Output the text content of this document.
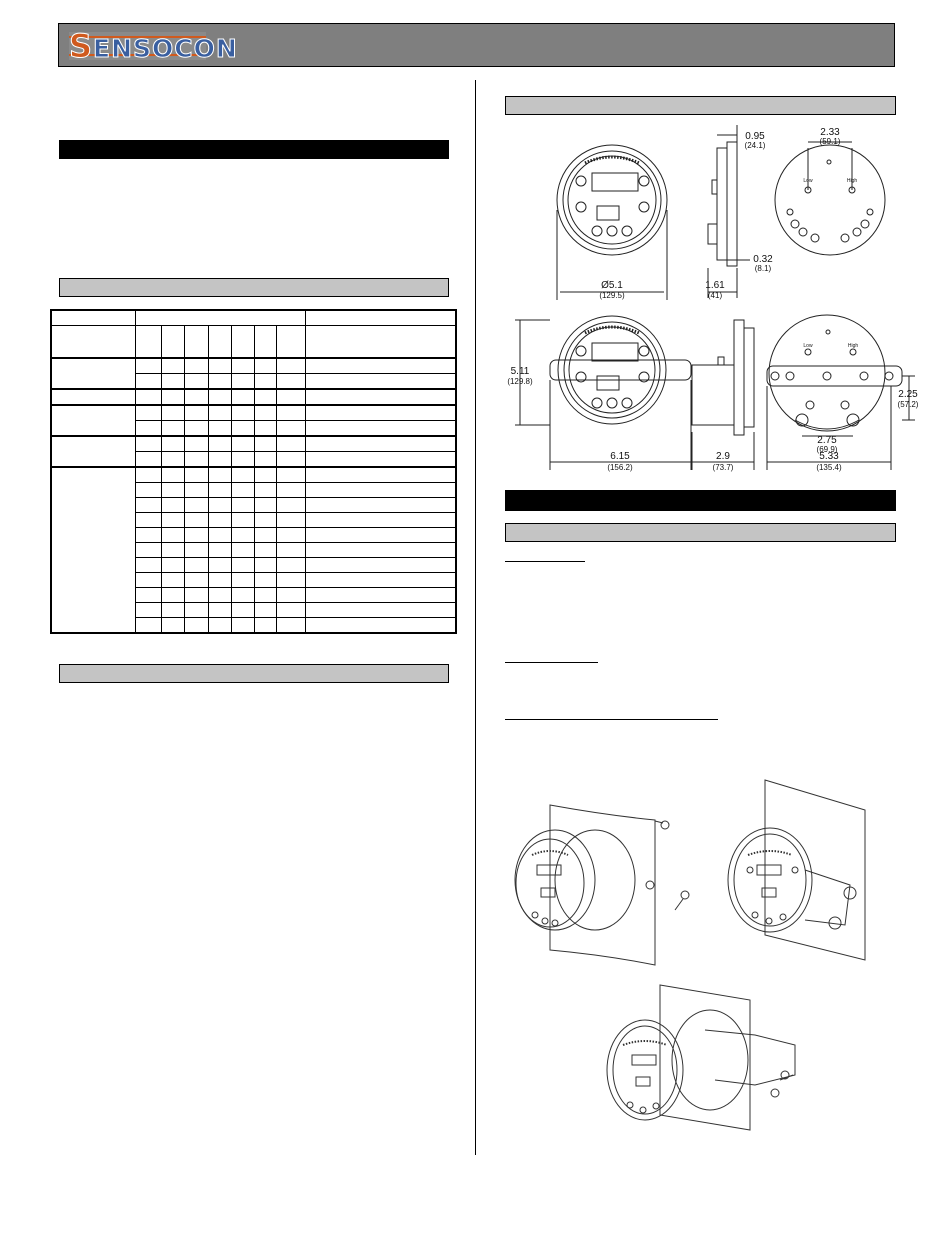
SENSOCON

Ø5.1
(129.5)
0.95
(24.1)
0.32
(8.1)
1.61
(41)
2.33
(59.1)
Low	High
5.11
(129.8)
6.15
(156.2)
2.9
(73.7)
2.25
(57.2)
2.75
(69.9)
5.33
(135.4)
Low	High
